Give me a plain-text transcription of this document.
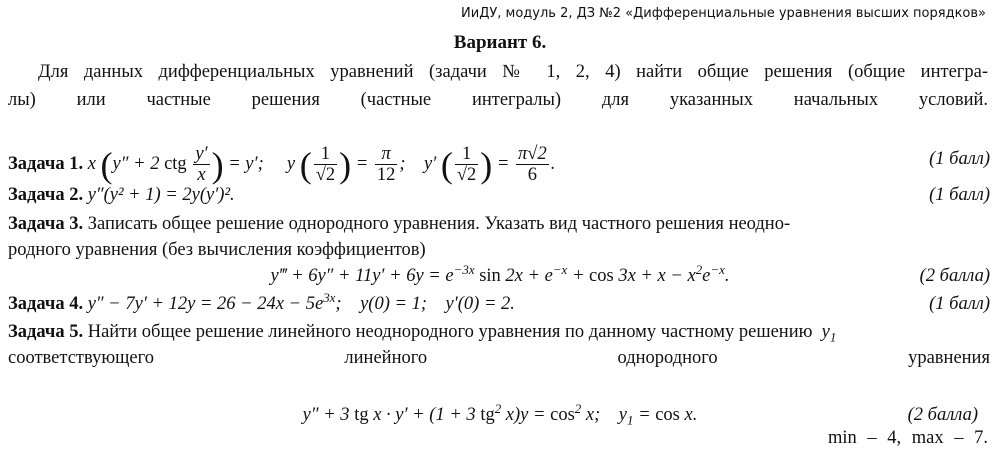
ИиДУ, модуль 2, ДЗ №2 «Дифференциальные уравнения высших порядков»
Вариант 6.

Для данных дифференциальных уравнений (задачи № 1, 2, 4) найти общие решения (общие интегра-

лы) или частные решения (частные интегралы) для указанных начальных условий.

Задача 1. x (y″ + 2 ctg $\frac{y'}{x}$ ) = y′;     y ( $\frac{1}{√2}$ ) = $\frac{\pi}{12}$ ;    y′ ( $\frac{1}{√2}$ ) = $\frac{\pi√2}{6}$ .	(1 балл)
Задача 2. y″(y² + 1) = 2y(y′)².	(1 балл)
Задача 3. Записать общее решение однородного уравнения. Указать вид частного решения неодно-
родного уравнения (без вычисления коэффициентов)
y‴ + $6y'' + 11y' + 6y = e^{-3x}$ $\sin 2x + e^{-x} + \cos 3x + x - x^2e^{-x}$.	(2 балла)
Задача 4. $y'' - 7y' + 12y = 26 - 24x - 5e^{3x}$;    y(0) = 1;    y′(0) = 2.	(1 балл)
Задача 5. Найти общее решение линейного неоднородного уравнения по данному частному решению  $y_1$
соответствующего	линейного	однородного	уравнения
y″ + 3 tg x · y′ + (1 + 3 $tg^2$ $x)y = \cos^2 x$;    $y_1 = \cos x$.	(2 балла)
min – 4, max – 7.
